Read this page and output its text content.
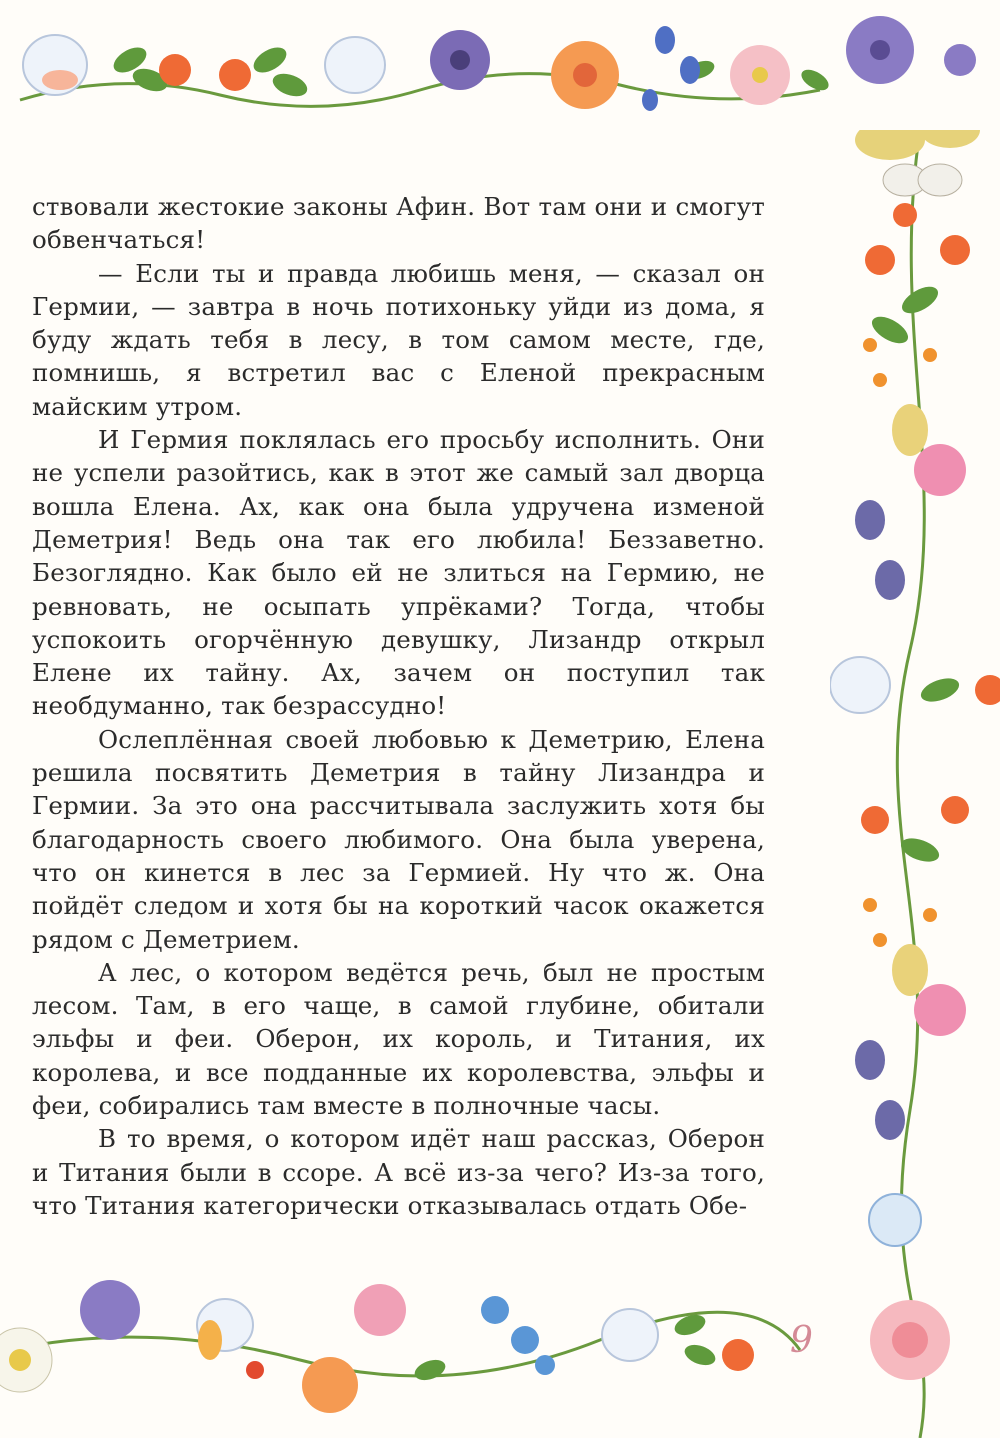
ствовали жестокие законы Афин. Вот там они и смогут обвенчаться!

— Если ты и правда любишь меня, — сказал он Гермии, — завтра в ночь потихоньку уйди из дома, я буду ждать тебя в лесу, в том самом месте, где, помнишь, я встретил вас с Еленой прекрасным майским утром.

И Гермия поклялась его просьбу исполнить. Они не успели разойтись, как в этот же самый зал дворца вошла Елена. Ах, как она была удручена изменой Деметрия! Ведь она так его любила! Беззаветно. Безоглядно. Как было ей не злиться на Гермию, не ревновать, не осыпать упрёками? Тогда, чтобы успокоить огорчённую девушку, Лизандр открыл Елене их тайну. Ах, зачем он поступил так необдуманно, так безрассудно!

Ослеплённая своей любовью к Деметрию, Елена решила посвятить Деметрия в тайну Лизандра и Гермии. За это она рассчитывала заслужить хотя бы благодарность своего любимого. Она была уверена, что он кинется в лес за Гермией. Ну что ж. Она пойдёт следом и хотя бы на короткий часок окажется рядом с Деметрием.

А лес, о котором ведётся речь, был не простым лесом. Там, в его чаще, в самой глубине, обитали эльфы и феи. Оберон, их король, и Титания, их королева, и все подданные их королевства, эльфы и феи, собирались там вместе в полночные часы.

В то время, о котором идёт наш рассказ, Оберон и Титания были в ссоре. А всё из-за чего? Из-за того, что Титания категорически отказывалась отдать Обе-

9
